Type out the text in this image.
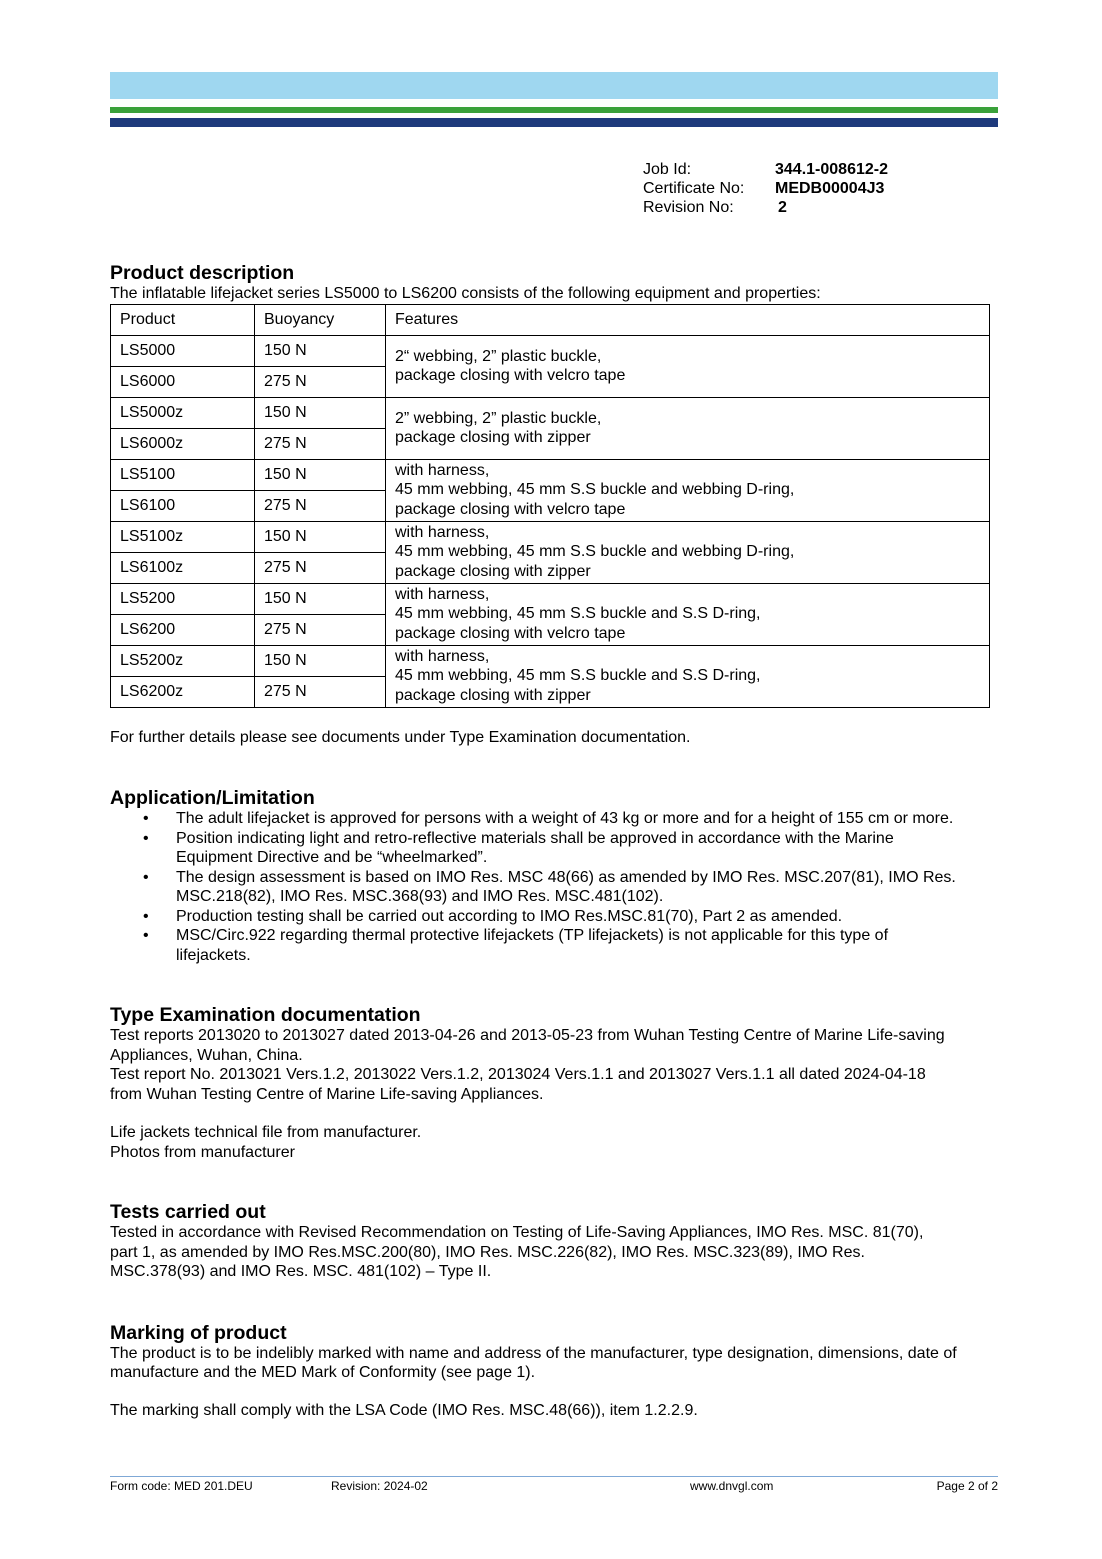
Job Id:	344.1-008612-2
Certificate No:	MEDB00004J3
Revision No:	2
Product description

The inflatable lifejacket series LS5000 to LS6200 consists of the following equipment and properties:

Product	Buoyancy	Features
LS5000	150 N	2“ webbing, 2” plastic buckle,
package closing with velcro tape

LS6000	275 N	
LS5000z	150 N	2” webbing, 2” plastic buckle,
package closing with zipper

LS6000z	275 N	
LS5100	150 N	with harness,
45 mm webbing, 45 mm S.S buckle and webbing D-ring,
package closing with velcro tape

LS6100	275 N	
LS5100z	150 N	with harness,
45 mm webbing, 45 mm S.S buckle and webbing D-ring,
package closing with zipper

LS6100z	275 N	
LS5200	150 N	with harness,
45 mm webbing, 45 mm S.S buckle and S.S D-ring,
package closing with velcro tape

LS6200	275 N	
LS5200z	150 N	with harness,
45 mm webbing, 45 mm S.S buckle and S.S D-ring,
package closing with zipper

LS6200z	275 N	

For further details please see documents under Type Examination documentation.

Application/Limitation
• The adult lifejacket is approved for persons with a weight of 43 kg or more and for a height of 155 cm or more.
• Position indicating light and retro-reflective materials shall be approved in accordance with the Marine
Equipment Directive and be “wheelmarked”.
• The design assessment is based on IMO Res. MSC 48(66) as amended by IMO Res. MSC.207(81), IMO Res.
MSC.218(82), IMO Res. MSC.368(93) and IMO Res. MSC.481(102).
• Production testing shall be carried out according to IMO Res.MSC.81(70), Part 2 as amended.
• MSC/Circ.922 regarding thermal protective lifejackets (TP lifejackets) is not applicable for this type of
lifejackets.
Type Examination documentation

Test reports 2013020 to 2013027 dated 2013-04-26 and 2013-05-23 from Wuhan Testing Centre of Marine Life-saving

Appliances, Wuhan, China.

Test report No. 2013021 Vers.1.2, 2013022 Vers.1.2, 2013024 Vers.1.1 and 2013027 Vers.1.1 all dated 2024-04-18

from Wuhan Testing Centre of Marine Life-saving Appliances.

Life jackets technical file from manufacturer.

Photos from manufacturer

Tests carried out

Tested in accordance with Revised Recommendation on Testing of Life-Saving Appliances, IMO Res. MSC. 81(70),

part 1, as amended by IMO Res.MSC.200(80), IMO Res. MSC.226(82), IMO Res. MSC.323(89), IMO Res.

MSC.378(93) and IMO Res. MSC. 481(102) – Type II.

Marking of product

The product is to be indelibly marked with name and address of the manufacturer, type designation, dimensions, date of

manufacture and the MED Mark of Conformity (see page 1).

The marking shall comply with the LSA Code (IMO Res. MSC.48(66)), item 1.2.2.9.

Form code: MED 201.DEU	Revision: 2024-02	www.dnvgl.com	Page 2 of 2
